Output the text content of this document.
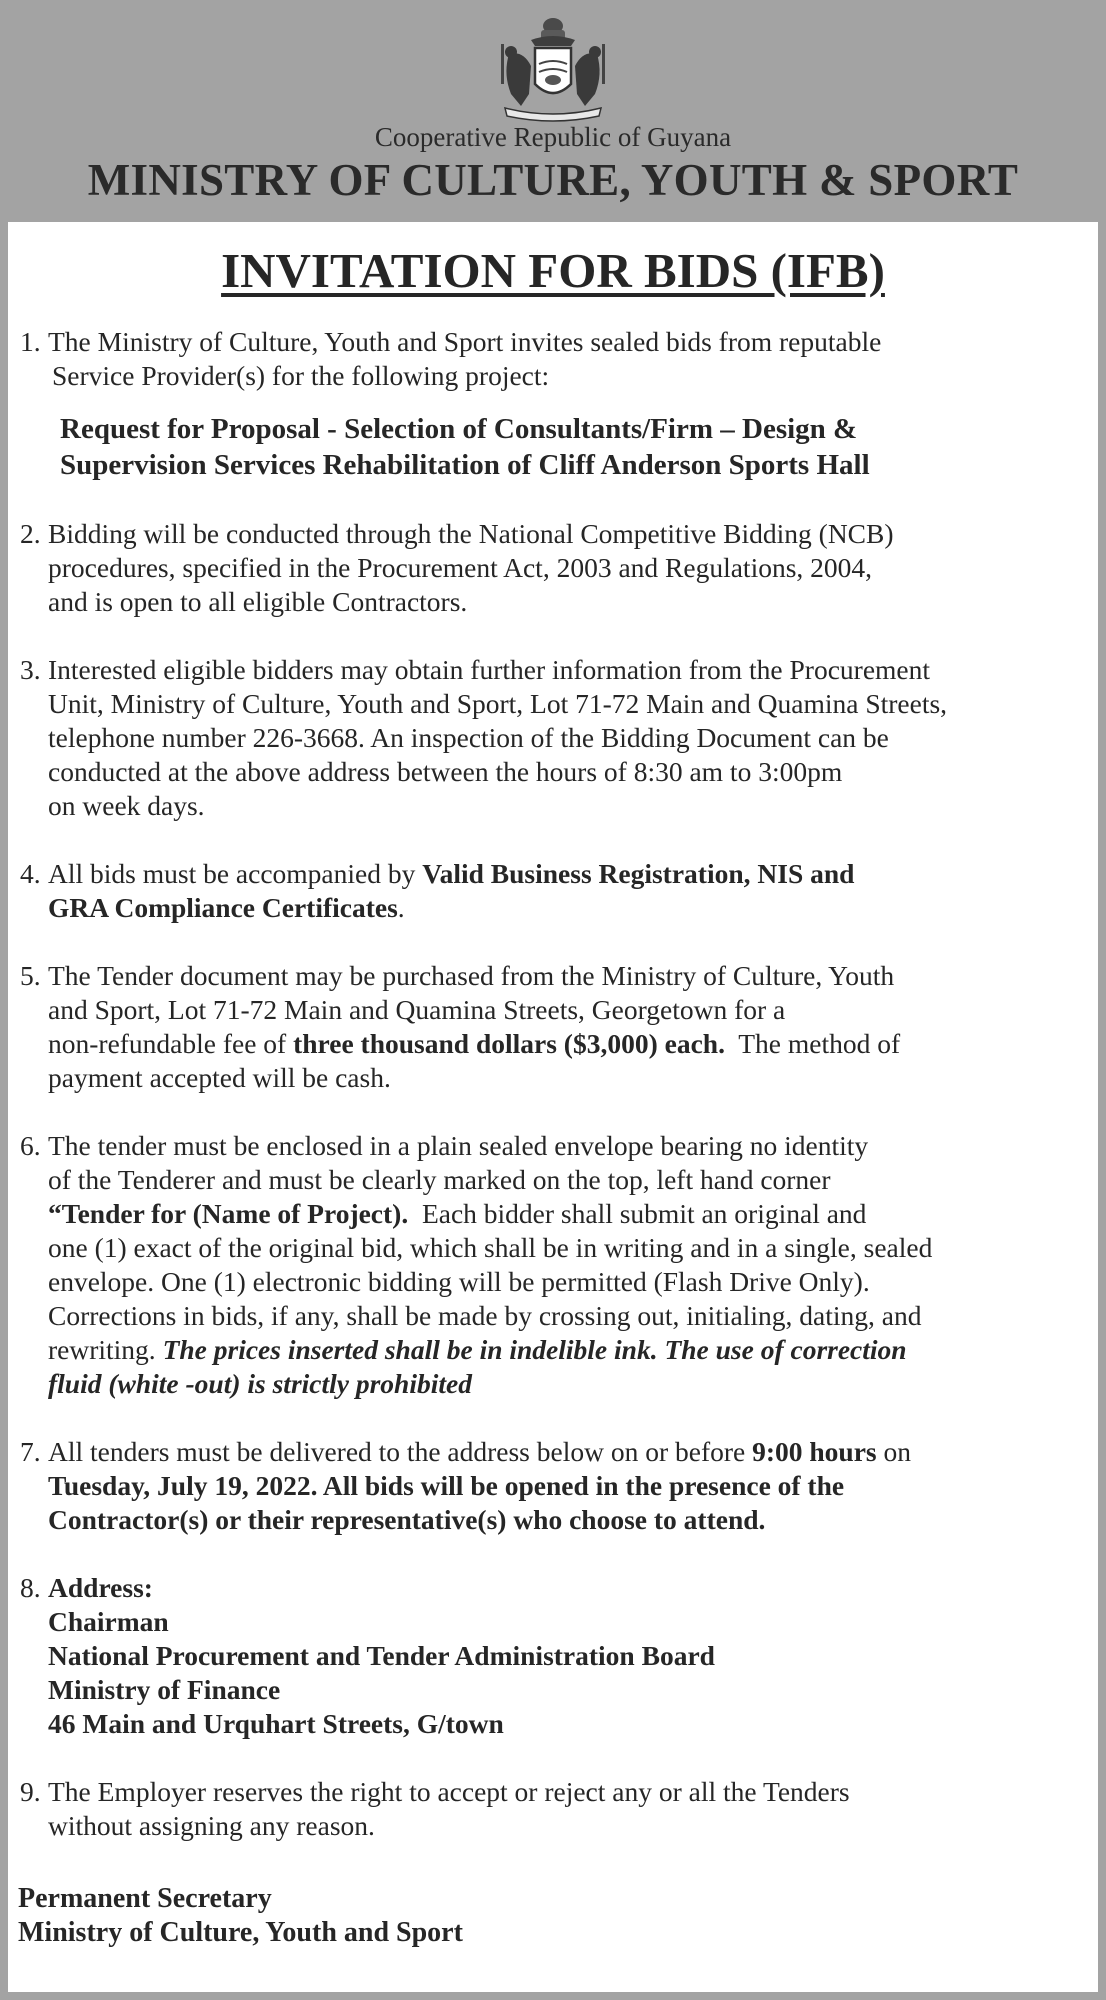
Cooperative Republic of Guyana
MINISTRY OF CULTURE, YOUTH & SPORT
INVITATION FOR BIDS (IFB)
1. The Ministry of Culture, Youth and Sport invites sealed bids from reputable

Service Provider(s) for the following project:

Request for Proposal - Selection of Consultants/Firm – Design &
Supervision Services Rehabilitation of Cliff Anderson Sports Hall
2. Bidding will be conducted through the National Competitive Bidding (NCB)

procedures, specified in the Procurement Act, 2003 and Regulations, 2004,

and is open to all eligible Contractors.

3. Interested eligible bidders may obtain further information from the Procurement

Unit, Ministry of Culture, Youth and Sport, Lot 71-72 Main and Quamina Streets,

telephone number 226-3668. An inspection of the Bidding Document can be

conducted at the above address between the hours of 8:30 am to 3:00pm

on week days.

4. All bids must be accompanied by Valid Business Registration, NIS and

GRA Compliance Certificates.

5. The Tender document may be purchased from the Ministry of Culture, Youth

and Sport, Lot 71-72 Main and Quamina Streets, Georgetown for a

non-refundable fee of three thousand dollars ($3,000) each.  The method of

payment accepted will be cash.

6. The tender must be enclosed in a plain sealed envelope bearing no identity

of the Tenderer and must be clearly marked on the top, left hand corner

“Tender for (Name of Project).  Each bidder shall submit an original and

one (1) exact of the original bid, which shall be in writing and in a single, sealed

envelope. One (1) electronic bidding will be permitted (Flash Drive Only).

Corrections in bids, if any, shall be made by crossing out, initialing, dating, and

rewriting. The prices inserted shall be in indelible ink. The use of correction

fluid (white -out) is strictly prohibited

7. All tenders must be delivered to the address below on or before 9:00 hours on

Tuesday, July 19, 2022. All bids will be opened in the presence of the

Contractor(s) or their representative(s) who choose to attend.

8. Address:

Chairman

National Procurement and Tender Administration Board

Ministry of Finance

46 Main and Urquhart Streets, G/town

9. The Employer reserves the right to accept or reject any or all the Tenders

without assigning any reason.

Permanent Secretary
Ministry of Culture, Youth and Sport
